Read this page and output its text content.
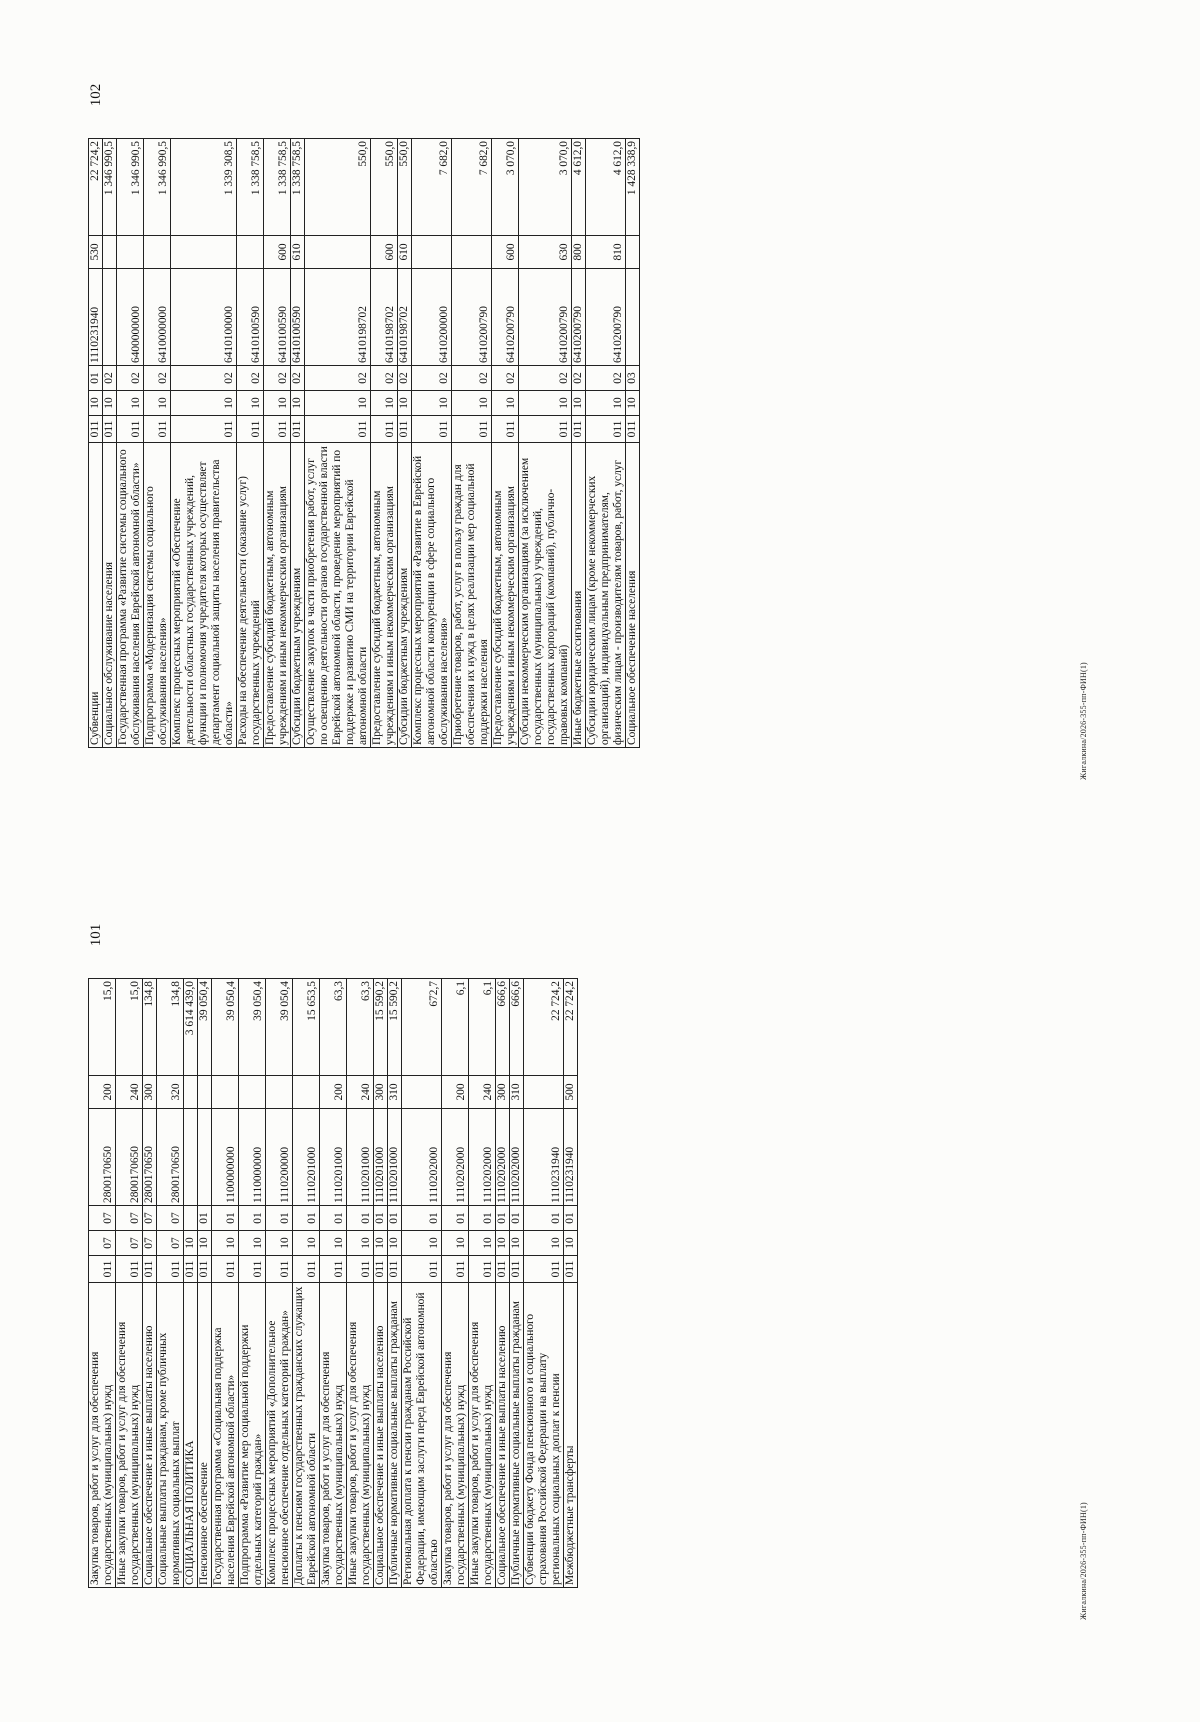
Закупка товаров, работ и услуг для обеспечения государственных (муниципальных) нужд	011	07	07	2800170650	200	15,0
Иные закупки товаров, работ и услуг для обеспечения государственных (муниципальных) нужд	011	07	07	2800170650	240	15,0
Социальное обеспечение и иные выплаты населению	011	07	07	2800170650	300	134,8
Социальные выплаты гражданам, кроме публичных нормативных социальных выплат	011	07	07	2800170650	320	134,8
СОЦИАЛЬНАЯ ПОЛИТИКА	011	10				3 614 439,0
Пенсионное обеспечение	011	10	01			39 050,4
Государственная программа «Социальная поддержка населения Еврейской автономной области»	011	10	01	1100000000		39 050,4
Подпрограмма «Развитие мер социальной поддержки отдельных категорий граждан»	011	10	01	1110000000		39 050,4
Комплекс процессных мероприятий «Дополнительное пенсионное обеспечение отдельных категорий граждан»	011	10	01	1110200000		39 050,4
Доплаты к пенсиям государственных гражданских служащих Еврейской автономной области	011	10	01	1110201000		15 653,5
Закупка товаров, работ и услуг для обеспечения государственных (муниципальных) нужд	011	10	01	1110201000	200	63,3
Иные закупки товаров, работ и услуг для обеспечения государственных (муниципальных) нужд	011	10	01	1110201000	240	63,3
Социальное обеспечение и иные выплаты населению	011	10	01	1110201000	300	15 590,2
Публичные нормативные социальные выплаты гражданам	011	10	01	1110201000	310	15 590,2
Региональная доплата к пенсии гражданам Российской Федерации, имеющим заслуги перед Еврейской автономной областью	011	10	01	1110202000		672,7
Закупка товаров, работ и услуг для обеспечения государственных (муниципальных) нужд	011	10	01	1110202000	200	6,1
Иные закупки товаров, работ и услуг для обеспечения государственных (муниципальных) нужд	011	10	01	1110202000	240	6,1
Социальное обеспечение и иные выплаты населению	011	10	01	1110202000	300	666,6
Публичные нормативные социальные выплаты гражданам	011	10	01	1110202000	310	666,6
Субвенции бюджету Фонда пенсионного и социального страхования Российской Федерации на выплату региональных социальных доплат к пенсии	011	10	01	1110231940		22 724,2
Межбюджетные трансферты	011	10	01	1110231940	500	22 724,2
101
Жигалкина/2026-355-пп-ФИН(1)
Субвенции	011	10	01	1110231940	530	22 724,2
Социальное обслуживание населения	011	10	02			1 346 990,5
Государственная программа «Развитие системы социального обслуживания населения Еврейской автономной области»	011	10	02	6400000000		1 346 990,5
Подпрограмма «Модернизация системы социального обслуживания населения»	011	10	02	6410000000		1 346 990,5
Комплекс процессных мероприятий «Обеспечение деятельности областных государственных учреждений, функции и полномочия учредителя которых осуществляет департамент социальной защиты населения правительства области»	011	10	02	6410100000		1 339 308,5
Расходы на обеспечение деятельности (оказание услуг) государственных учреждений	011	10	02	6410100590		1 338 758,5
Предоставление субсидий бюджетным, автономным учреждениям и иным некоммерческим организациям	011	10	02	6410100590	600	1 338 758,5
Субсидии бюджетным учреждениям	011	10	02	6410100590	610	1 338 758,5
Осуществление закупок в части приобретения работ, услуг по освещению деятельности органов государственной власти Еврейской автономной области, проведение мероприятий по поддержке и развитию СМИ на территории Еврейской автономной области	011	10	02	6410198702		550,0
Предоставление субсидий бюджетным, автономным учреждениям и иным некоммерческим организациям	011	10	02	6410198702	600	550,0
Субсидии бюджетным учреждениям	011	10	02	6410198702	610	550,0
Комплекс процессных мероприятий «Развитие в Еврейской автономной области конкуренции в сфере социального обслуживания населения»	011	10	02	6410200000		7 682,0
Приобретение товаров, работ, услуг в пользу граждан для обеспечения их нужд в целях реализации мер социальной поддержки населения	011	10	02	6410200790		7 682,0
Предоставление субсидий бюджетным, автономным учреждениям и иным некоммерческим организациям	011	10	02	6410200790	600	3 070,0
Субсидии некоммерческим организациям (за исключением государственных (муниципальных) учреждений, государственных корпораций (компаний), публично-правовых компаний)	011	10	02	6410200790	630	3 070,0
Иные бюджетные ассигнования	011	10	02	6410200790	800	4 612,0
Субсидии юридическим лицам (кроме некоммерческих организаций), индивидуальным предпринимателям, физическим лицам - производителям товаров, работ, услуг	011	10	02	6410200790	810	4 612,0
Социальное обеспечение населения	011	10	03			1 428 338,9
102
Жигалкина/2026-355-пп-ФИН(1)
